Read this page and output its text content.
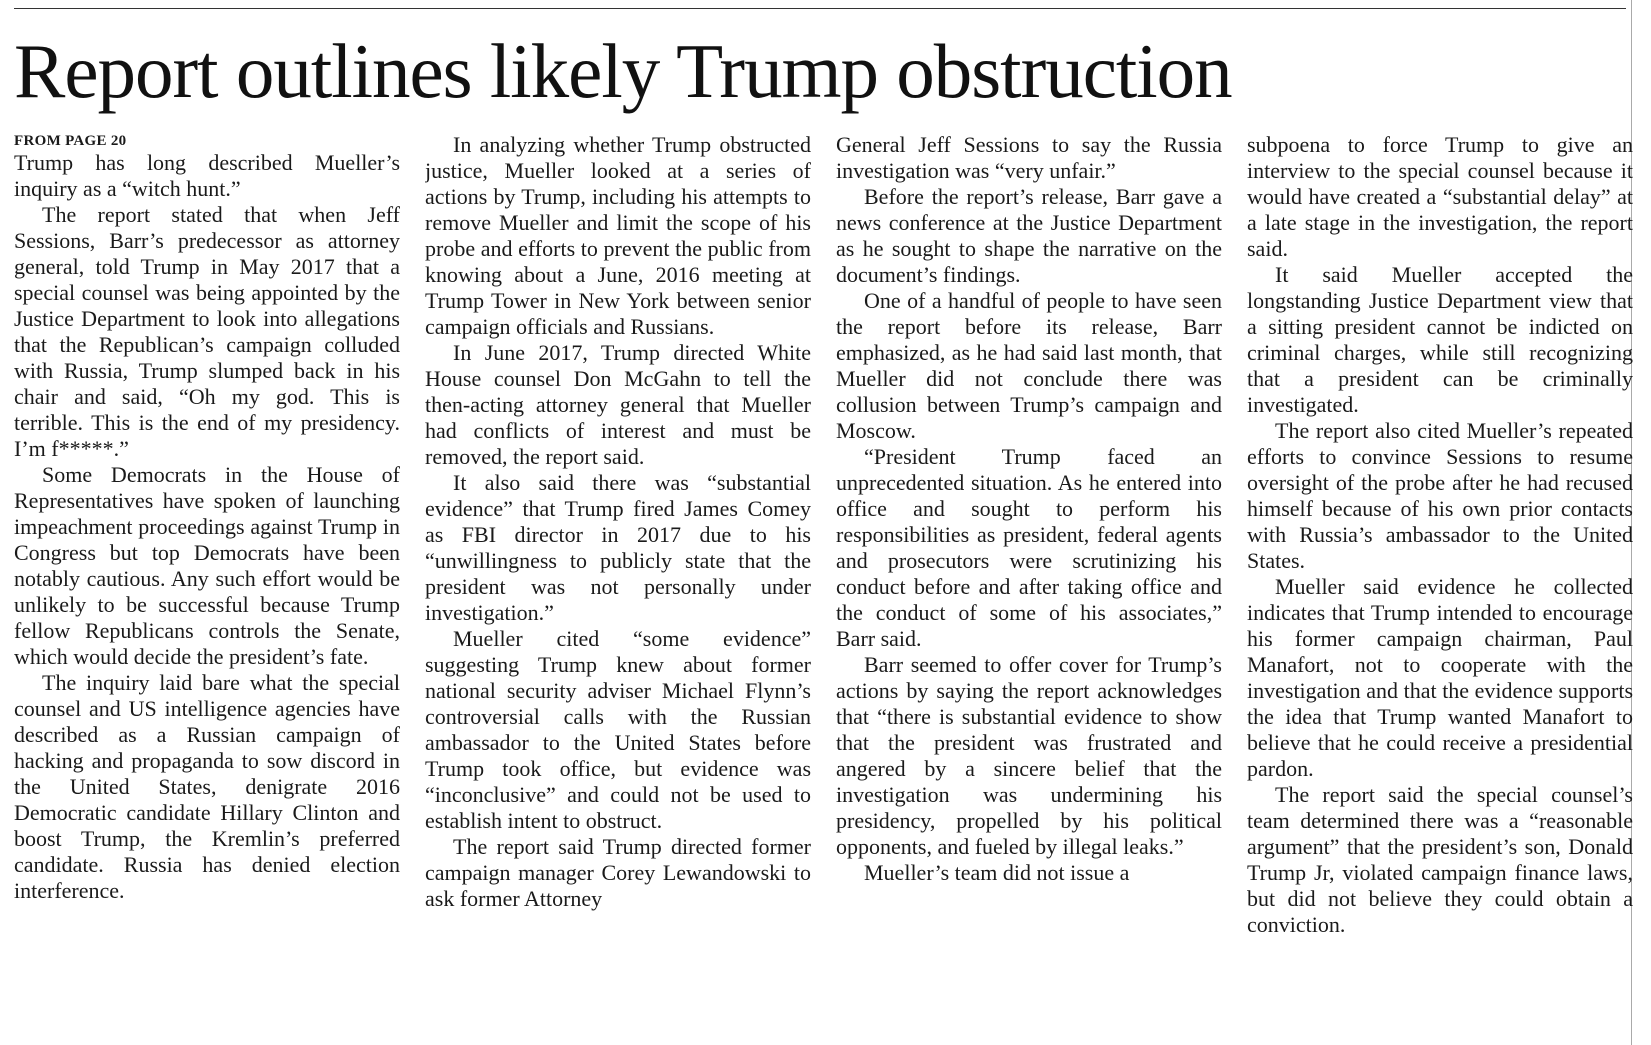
Report outlines likely Trump obstruction

FROM PAGE 20

Trump has long described Mueller’s inquiry as a “witch hunt.”

The report stated that when Jeff Sessions, Barr’s predecessor as attorney general, told Trump in May 2017 that a special counsel was being appointed by the Justice Department to look into allegations that the Republican’s campaign colluded with Russia, Trump slumped back in his chair and said, “Oh my god. This is terrible. This is the end of my presidency. I’m f*****.”

Some Democrats in the House of Representatives have spoken of launching impeachment proceedings against Trump in Congress but top Democrats have been notably cautious. Any such effort would be unlikely to be successful because Trump fellow Republicans controls the Senate, which would decide the president’s fate.

The inquiry laid bare what the special counsel and US intelligence agencies have described as a Russian campaign of hacking and propaganda to sow discord in the United States, denigrate 2016 Democratic candidate Hillary Clinton and boost Trump, the Kremlin’s preferred candidate. Russia has denied election interference.

In analyzing whether Trump obstructed justice, Mueller looked at a series of actions by Trump, including his attempts to remove Mueller and limit the scope of his probe and efforts to prevent the public from knowing about a June, 2016 meeting at Trump Tower in New York between senior campaign officials and Russians.

In June 2017, Trump directed White House counsel Don McGahn to tell the then-acting attorney general that Mueller had conflicts of interest and must be removed, the report said.

It also said there was “substantial evidence” that Trump fired James Comey as FBI director in 2017 due to his “unwillingness to publicly state that the president was not personally under investigation.”

Mueller cited “some evidence” suggesting Trump knew about former national security adviser Michael Flynn’s controversial calls with the Russian ambassador to the United States before Trump took office, but evidence was “inconclusive” and could not be used to establish intent to obstruct.

The report said Trump directed former campaign manager Corey Lewandowski to ask former Attorney

General Jeff Sessions to say the Russia investigation was “very unfair.”

Before the report’s release, Barr gave a news conference at the Justice Department as he sought to shape the narrative on the document’s findings.

One of a handful of people to have seen the report before its release, Barr emphasized, as he had said last month, that Mueller did not conclude there was collusion between Trump’s campaign and Moscow.

“President Trump faced an unprecedented situation. As he entered into office and sought to perform his responsibilities as president, federal agents and prosecutors were scrutinizing his conduct before and after taking office and the conduct of some of his associates,” Barr said.

Barr seemed to offer cover for Trump’s actions by saying the report acknowledges that “there is substantial evidence to show that the president was frustrated and angered by a sincere belief that the investigation was undermining his presidency, propelled by his political opponents, and fueled by illegal leaks.”

Mueller’s team did not issue a

subpoena to force Trump to give an interview to the special counsel because it would have created a “substantial delay” at a late stage in the investigation, the report said.

It said Mueller accepted the longstanding Justice Department view that a sitting president cannot be indicted on criminal charges, while still recognizing that a president can be criminally investigated.

The report also cited Mueller’s repeated efforts to convince Sessions to resume oversight of the probe after he had recused himself because of his own prior contacts with Russia’s ambassador to the United States.

Mueller said evidence he collected indicates that Trump intended to encourage his former campaign chairman, Paul Manafort, not to cooperate with the investigation and that the evidence supports the idea that Trump wanted Manafort to believe that he could receive a presidential pardon.

The report said the special counsel’s team determined there was a “reasonable argument” that the president’s son, Donald Trump Jr, violated campaign finance laws, but did not believe they could obtain a conviction.
